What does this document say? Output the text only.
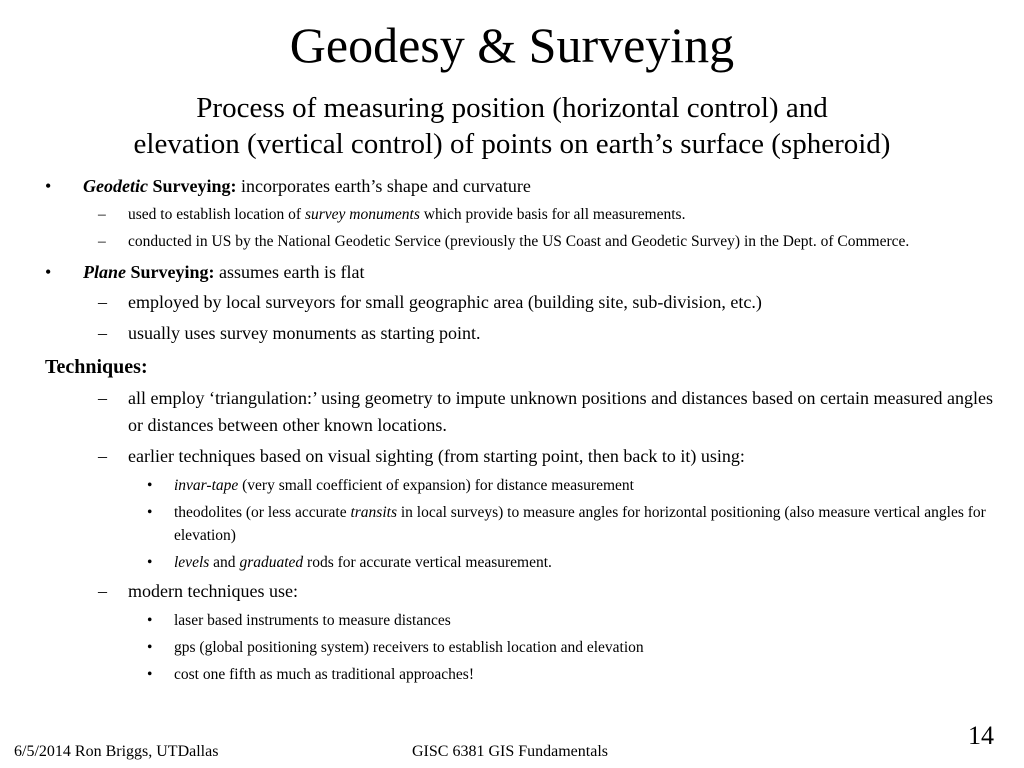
Geodesy & Surveying
Process of measuring position (horizontal control) and
elevation (vertical control) of points on earth’s surface (spheroid)
• Geodetic Surveying: incorporates earth’s shape and curvature
– used to establish location of survey monuments which provide basis for all measurements.
– conducted in US by the National Geodetic Service (previously the US Coast and Geodetic Survey) in the Dept. of Commerce.
• Plane Surveying: assumes earth is flat
– employed by local surveyors for small geographic area (building site, sub-division, etc.)
– usually uses survey monuments as starting point.
Techniques:
– all employ ‘triangulation:’ using geometry to impute unknown positions and distances based on certain measured angles or distances between other known locations.
– earlier techniques based on visual sighting (from starting point, then back to it) using:
• invar-tape (very small coefficient of expansion) for distance measurement
• theodolites (or less accurate transits in local surveys) to measure angles for horizontal positioning (also measure vertical angles for elevation)
• levels and graduated rods for accurate vertical measurement.
– modern techniques use:
• laser based instruments to measure distances
• gps (global positioning system) receivers to establish location and elevation
• cost one fifth as much as traditional approaches!
6/5/2014 Ron Briggs, UTDallas	GISC 6381 GIS Fundamentals
14
